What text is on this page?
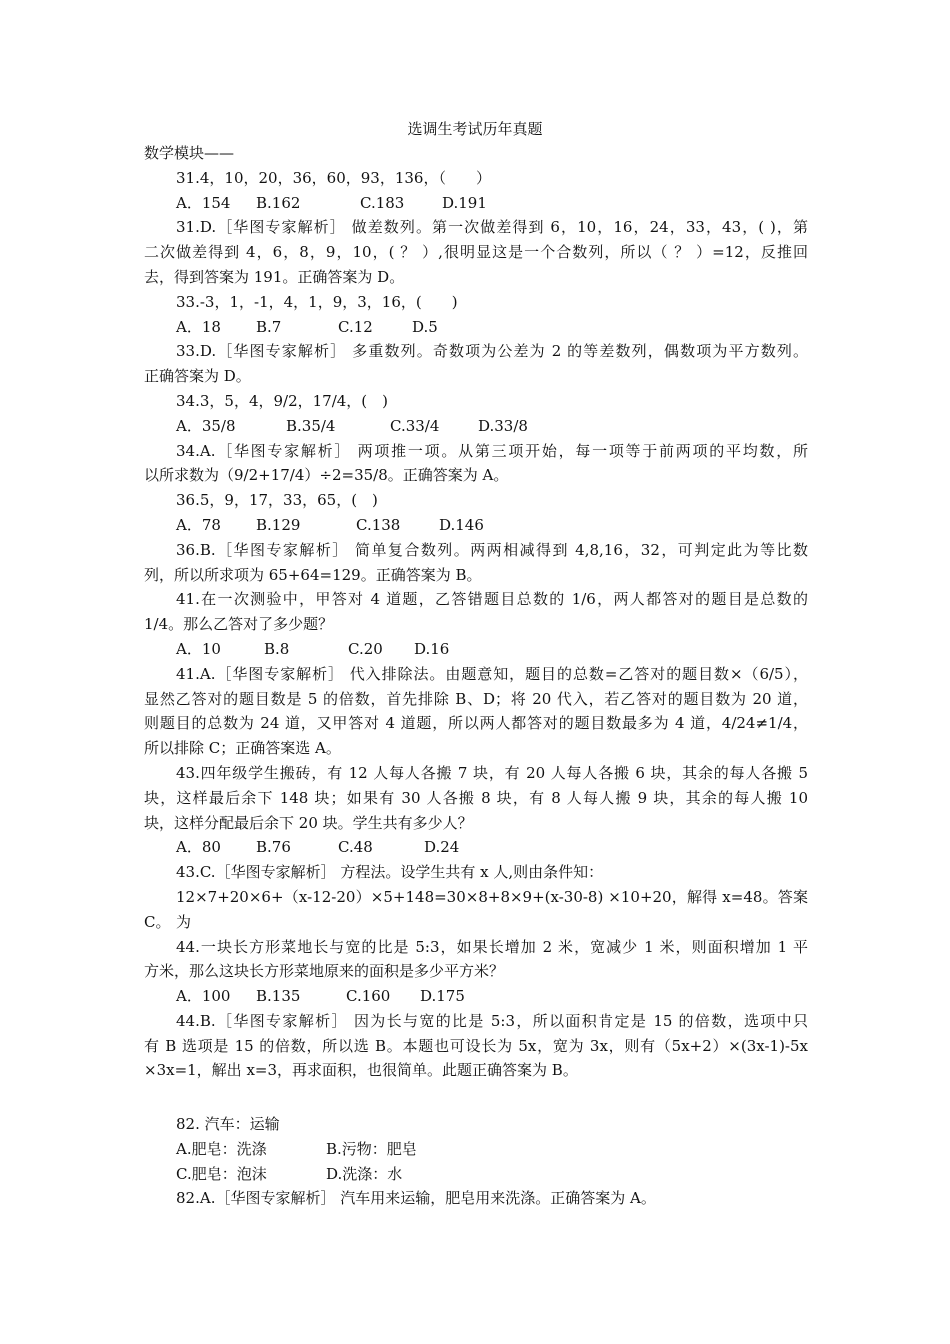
选调生考试历年真题
数学模块——
31.4，10，20，36，60，93，136，（　　）
A．154 B.162	C.183	D.191
31.D.［华图专家解析］ 做差数列。第一次做差得到 6，10，16，24，33，43，( )，第
二次做差得到 4，6，8，9，10，( ？ ）,很明显这是一个合数列，所以（ ？ ）=12，反推回
去，得到答案为 191。正确答案为 D。
33.-3，1，-1，4，1，9，3，16，(　　)
A．18 B.7	C.12	D.5
33.D.［华图专家解析］ 多重数列。奇数项为公差为 2 的等差数列，偶数项为平方数列。
正确答案为 D。
34.3，5，4，9/2，17/4，(　)
A．35/8	B.35/4	C.33/4	D.33/8
34.A.［华图专家解析］ 两项推一项。从第三项开始，每一项等于前两项的平均数，所
以所求数为（9/2+17/4）÷2=35/8。正确答案为 A。
36.5，9，17，33，65，(　)
A．78 B.129	C.138	D.146
36.B.［华图专家解析］ 简单复合数列。两两相减得到 4,8,16，32，可判定此为等比数
列，所以所求项为 65+64=129。正确答案为 B。
41.在一次测验中，甲答对 4 道题，乙答错题目总数的 1/6，两人都答对的题目是总数的
1/4。那么乙答对了多少题？
A．10	B.8	C.20 D.16
41.A.［华图专家解析］ 代入排除法。由题意知，题目的总数=乙答对的题目数×（6/5），
显然乙答对的题目数是 5 的倍数，首先排除 B、D；将 20 代入，若乙答对的题目数为 20 道，
则题目的总数为 24 道，又甲答对 4 道题，所以两人都答对的题目数最多为 4 道，4/24≠1/4，
所以排除 C；正确答案选 A。
43.四年级学生搬砖，有 12 人每人各搬 7 块，有 20 人每人各搬 6 块，其余的每人各搬 5
块，这样最后余下 148 块；如果有 30 人各搬 8 块，有 8 人每人搬 9 块，其余的每人搬 10
块，这样分配最后余下 20 块。学生共有多少人？
A．80 B.76	C.48	D.24
43.C.［华图专家解析］ 方程法。设学生共有 x 人,则由条件知：
12×7+20×6+（x-12-20）×5+148=30×8+8×9+(x-30-8) ×10+20，解得 x=48。答案为
C。
44.一块长方形菜地长与宽的比是 5:3，如果长增加 2 米，宽减少 1 米，则面积增加 1 平
方米，那么这块长方形菜地原来的面积是多少平方米？
A．100 B.135	C.160 D.175
44.B.［华图专家解析］ 因为长与宽的比是 5:3，所以面积肯定是 15 的倍数，选项中只
有 B 选项是 15 的倍数，所以选 B。本题也可设长为 5x，宽为 3x，则有（5x+2）×(3x-1)-5x
×3x=1，解出 x=3，再求面积，也很简单。此题正确答案为 B。
82. 汽车：运输
A.肥皂：洗涤	B.污物：肥皂
C.肥皂：泡沫	D.洗涤：水
82.A.［华图专家解析］ 汽车用来运输，肥皂用来洗涤。正确答案为 A。
